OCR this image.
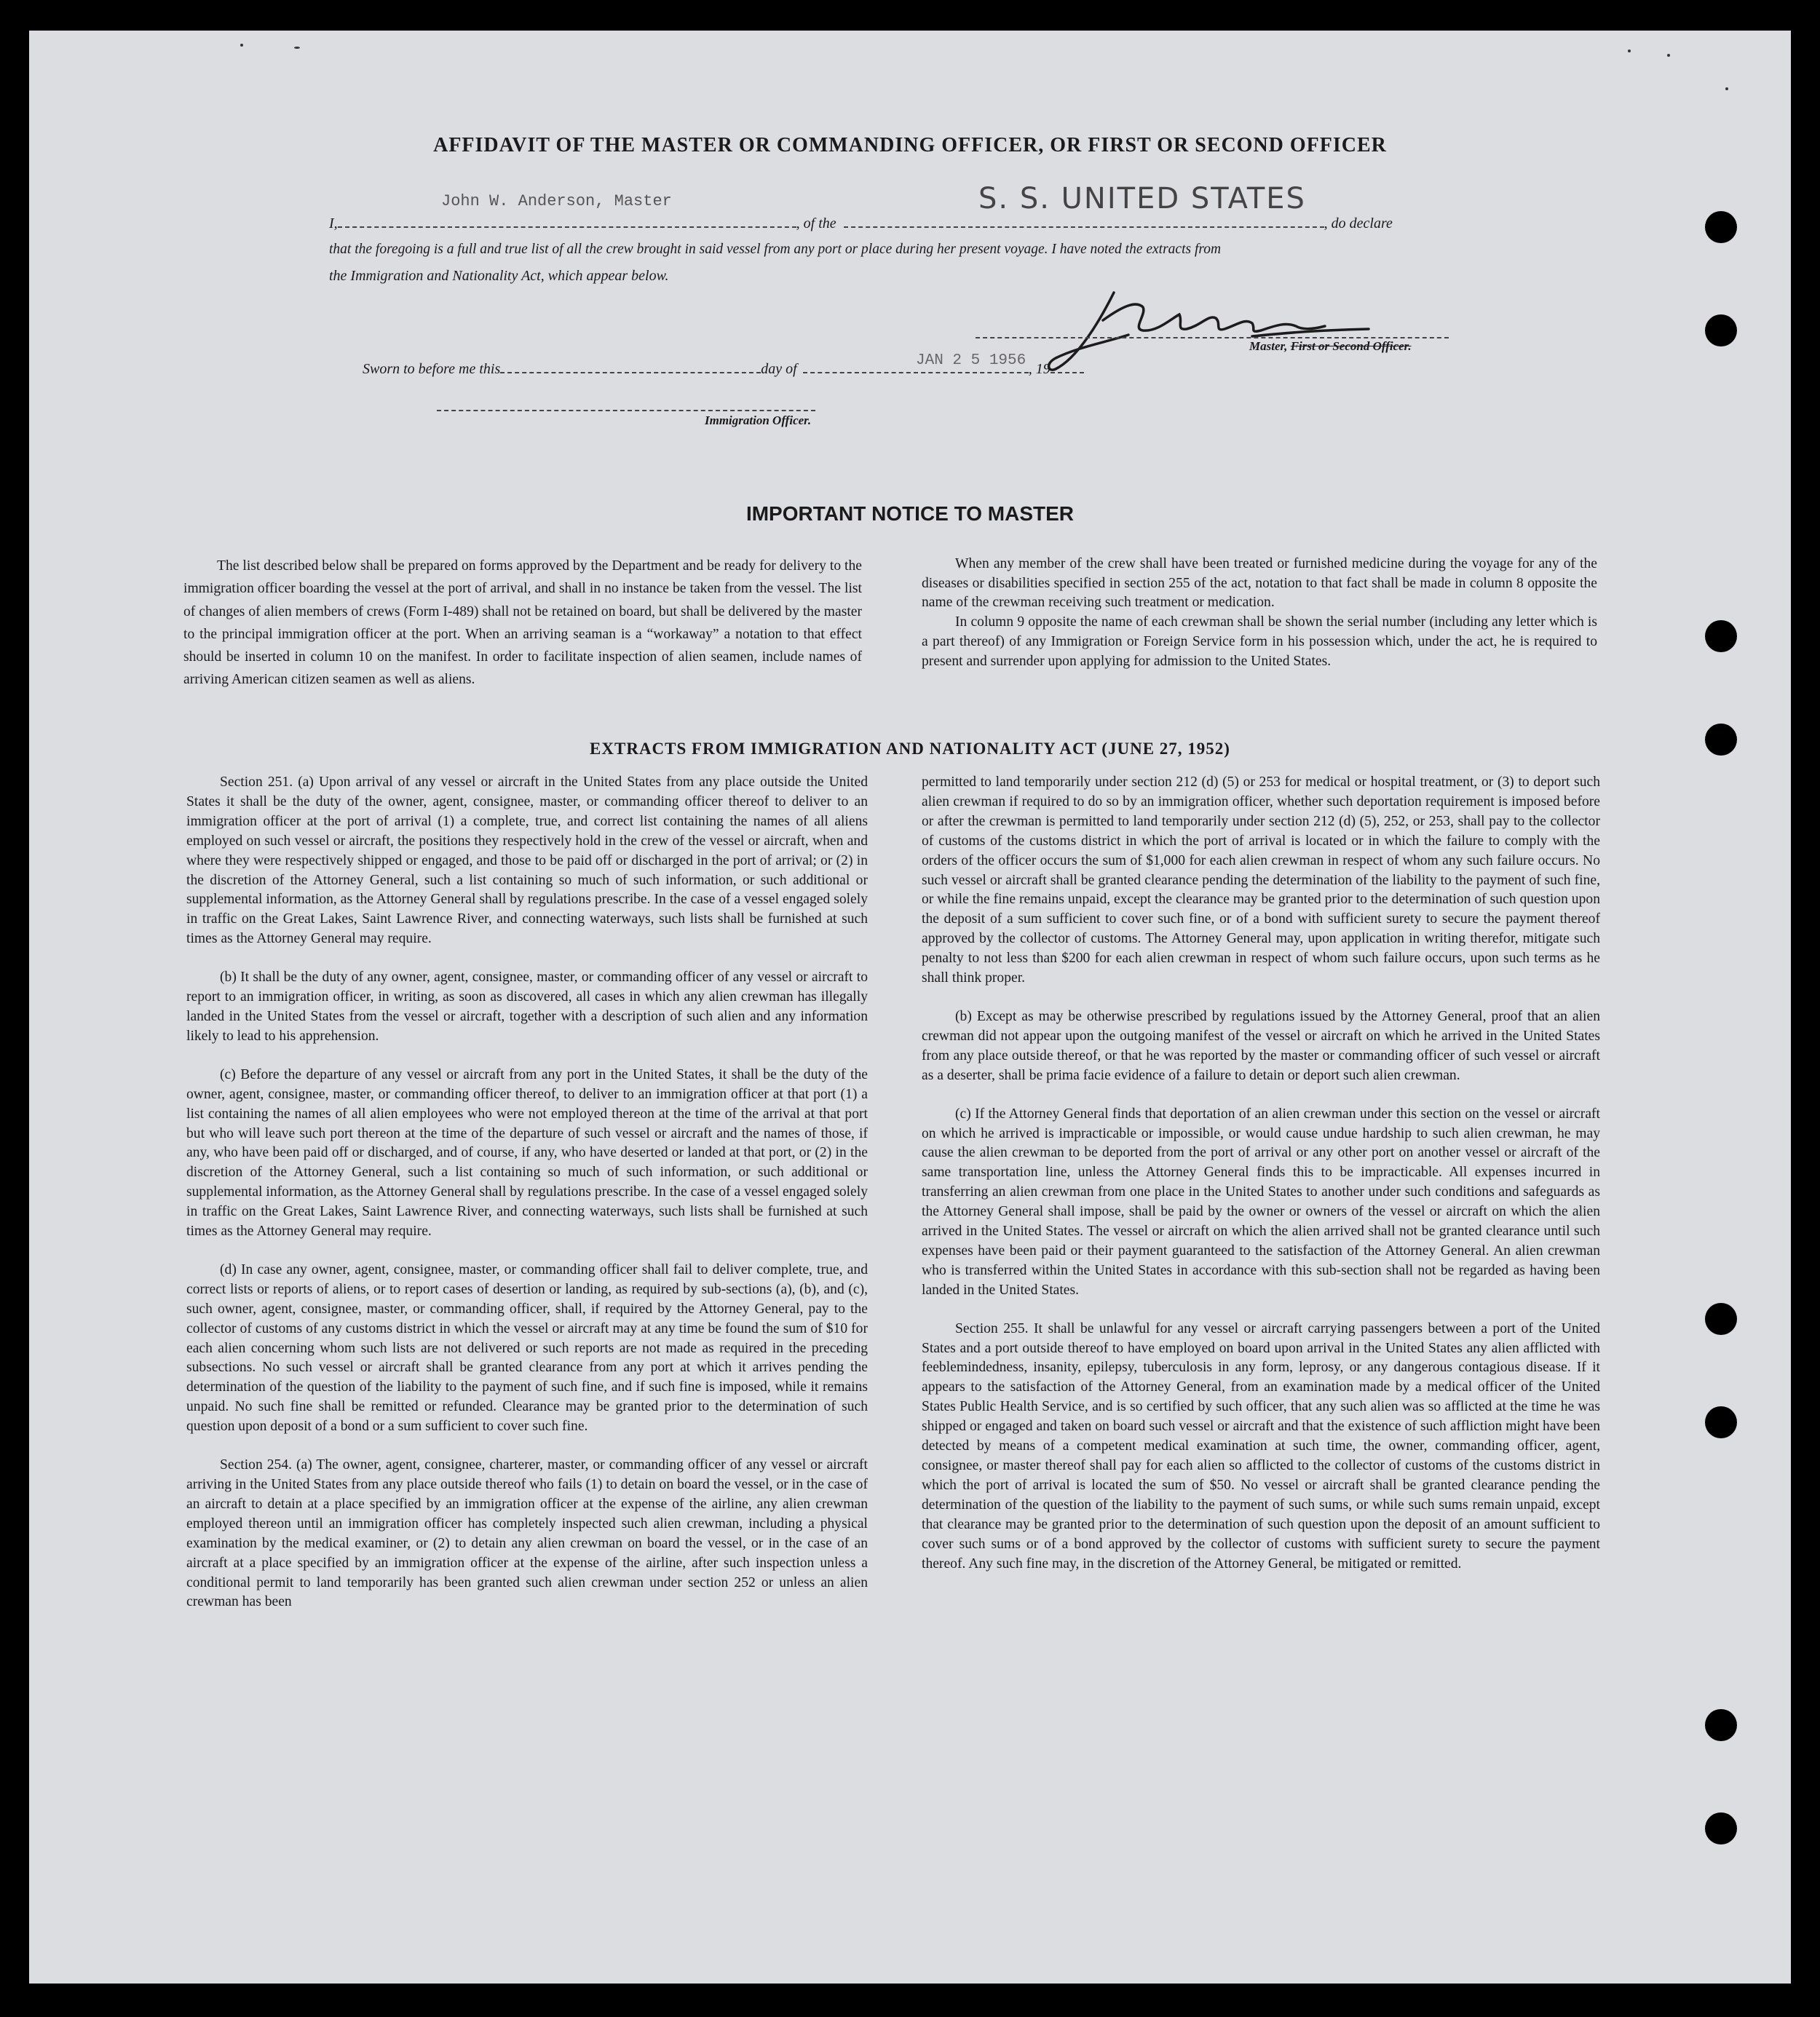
AFFIDAVIT OF THE MASTER OR COMMANDING OFFICER, OR FIRST OR SECOND OFFICER
John W. Anderson, Master	S. S. UNITED STATES
I,	, of the	, do declare
that the foregoing is a full and true list of all the crew brought in said vessel from any port or place during her present voyage. I have noted the extracts from
the Immigration and Nationality Act, which appear below.
Master, First or Second Officer.
Sworn to before me this	day of	, 19
JAN 2 5 1956
Immigration Officer.
IMPORTANT NOTICE TO MASTER

The list described below shall be prepared on forms approved by the Department and be ready for delivery to the immigration officer boarding the vessel at the port of arrival, and shall in no instance be taken from the vessel. The list of changes of alien members of crews (Form I-489) shall not be retained on board, but shall be delivered by the master to the principal immigration officer at the port. When an arriving seaman is a “workaway” a notation to that effect should be inserted in column 10 on the manifest. In order to facilitate inspection of alien seamen, include names of arriving American citizen seamen as well as aliens.

When any member of the crew shall have been treated or furnished medicine during the voyage for any of the diseases or disabilities specified in section 255 of the act, notation to that fact shall be made in column 8 opposite the name of the crewman receiving such treatment or medication.

In column 9 opposite the name of each crewman shall be shown the serial number (including any letter which is a part thereof) of any Immigration or Foreign Service form in his possession which, under the act, he is required to present and surrender upon applying for admission to the United States.

EXTRACTS FROM IMMIGRATION AND NATIONALITY ACT (JUNE 27, 1952)

Section 251. (a) Upon arrival of any vessel or aircraft in the United States from any place outside the United States it shall be the duty of the owner, agent, consignee, master, or commanding officer thereof to deliver to an immigration officer at the port of arrival (1) a complete, true, and correct list containing the names of all aliens employed on such vessel or aircraft, the positions they respectively hold in the crew of the vessel or aircraft, when and where they were respectively shipped or engaged, and those to be paid off or discharged in the port of arrival; or (2) in the discretion of the Attorney General, such a list containing so much of such information, or such additional or supplemental information, as the Attorney General shall by regulations prescribe. In the case of a vessel engaged solely in traffic on the Great Lakes, Saint Lawrence River, and connecting waterways, such lists shall be furnished at such times as the Attorney General may require.

(b) It shall be the duty of any owner, agent, consignee, master, or commanding officer of any vessel or aircraft to report to an immigration officer, in writing, as soon as discovered, all cases in which any alien crewman has illegally landed in the United States from the vessel or aircraft, together with a description of such alien and any information likely to lead to his apprehension.

(c) Before the departure of any vessel or aircraft from any port in the United States, it shall be the duty of the owner, agent, consignee, master, or commanding officer thereof, to deliver to an immigration officer at that port (1) a list containing the names of all alien employees who were not employed thereon at the time of the arrival at that port but who will leave such port thereon at the time of the departure of such vessel or aircraft and the names of those, if any, who have been paid off or discharged, and of course, if any, who have deserted or landed at that port, or (2) in the discretion of the Attorney General, such a list containing so much of such information, or such additional or supplemental information, as the Attorney General shall by regulations prescribe. In the case of a vessel engaged solely in traffic on the Great Lakes, Saint Lawrence River, and connecting waterways, such lists shall be furnished at such times as the Attorney General may require.

(d) In case any owner, agent, consignee, master, or commanding officer shall fail to deliver complete, true, and correct lists or reports of aliens, or to report cases of desertion or landing, as required by sub-sections (a), (b), and (c), such owner, agent, consignee, master, or commanding officer, shall, if required by the Attorney General, pay to the collector of customs of any customs district in which the vessel or aircraft may at any time be found the sum of $10 for each alien concerning whom such lists are not delivered or such reports are not made as required in the preceding subsections. No such vessel or aircraft shall be granted clearance from any port at which it arrives pending the determination of the question of the liability to the payment of such fine, and if such fine is imposed, while it remains unpaid. No such fine shall be remitted or refunded. Clearance may be granted prior to the determination of such question upon deposit of a bond or a sum sufficient to cover such fine.

Section 254. (a) The owner, agent, consignee, charterer, master, or commanding officer of any vessel or aircraft arriving in the United States from any place outside thereof who fails (1) to detain on board the vessel, or in the case of an aircraft to detain at a place specified by an immigration officer at the expense of the airline, any alien crewman employed thereon until an immigration officer has completely inspected such alien crewman, including a physical examination by the medical examiner, or (2) to detain any alien crewman on board the vessel, or in the case of an aircraft at a place specified by an immigration officer at the expense of the airline, after such inspection unless a conditional permit to land temporarily has been granted such alien crewman under section 252 or unless an alien crewman has been

permitted to land temporarily under section 212 (d) (5) or 253 for medical or hospital treatment, or (3) to deport such alien crewman if required to do so by an immigration officer, whether such deportation requirement is imposed before or after the crewman is permitted to land temporarily under section 212 (d) (5), 252, or 253, shall pay to the collector of customs of the customs district in which the port of arrival is located or in which the failure to comply with the orders of the officer occurs the sum of $1,000 for each alien crewman in respect of whom any such failure occurs. No such vessel or aircraft shall be granted clearance pending the determination of the liability to the payment of such fine, or while the fine remains unpaid, except the clearance may be granted prior to the determination of such question upon the deposit of a sum sufficient to cover such fine, or of a bond with sufficient surety to secure the payment thereof approved by the collector of customs. The Attorney General may, upon application in writing therefor, mitigate such penalty to not less than $200 for each alien crewman in respect of whom such failure occurs, upon such terms as he shall think proper.

(b) Except as may be otherwise prescribed by regulations issued by the Attorney General, proof that an alien crewman did not appear upon the outgoing manifest of the vessel or aircraft on which he arrived in the United States from any place outside thereof, or that he was reported by the master or commanding officer of such vessel or aircraft as a deserter, shall be prima facie evidence of a failure to detain or deport such alien crewman.

(c) If the Attorney General finds that deportation of an alien crewman under this section on the vessel or aircraft on which he arrived is impracticable or impossible, or would cause undue hardship to such alien crewman, he may cause the alien crewman to be deported from the port of arrival or any other port on another vessel or aircraft of the same transportation line, unless the Attorney General finds this to be impracticable. All expenses incurred in transferring an alien crewman from one place in the United States to another under such conditions and safeguards as the Attorney General shall impose, shall be paid by the owner or owners of the vessel or aircraft on which the alien arrived in the United States. The vessel or aircraft on which the alien arrived shall not be granted clearance until such expenses have been paid or their payment guaranteed to the satisfaction of the Attorney General. An alien crewman who is transferred within the United States in accordance with this sub-section shall not be regarded as having been landed in the United States.

Section 255. It shall be unlawful for any vessel or aircraft carrying passengers between a port of the United States and a port outside thereof to have employed on board upon arrival in the United States any alien afflicted with feeblemindedness, insanity, epilepsy, tuberculosis in any form, leprosy, or any dangerous contagious disease. If it appears to the satisfaction of the Attorney General, from an examination made by a medical officer of the United States Public Health Service, and is so certified by such officer, that any such alien was so afflicted at the time he was shipped or engaged and taken on board such vessel or aircraft and that the existence of such affliction might have been detected by means of a competent medical examination at such time, the owner, commanding officer, agent, consignee, or master thereof shall pay for each alien so afflicted to the collector of customs of the customs district in which the port of arrival is located the sum of $50. No vessel or aircraft shall be granted clearance pending the determination of the question of the liability to the payment of such sums, or while such sums remain unpaid, except that clearance may be granted prior to the determination of such question upon the deposit of an amount sufficient to cover such sums or of a bond approved by the collector of customs with sufficient surety to secure the payment thereof. Any such fine may, in the discretion of the Attorney General, be mitigated or remitted.
